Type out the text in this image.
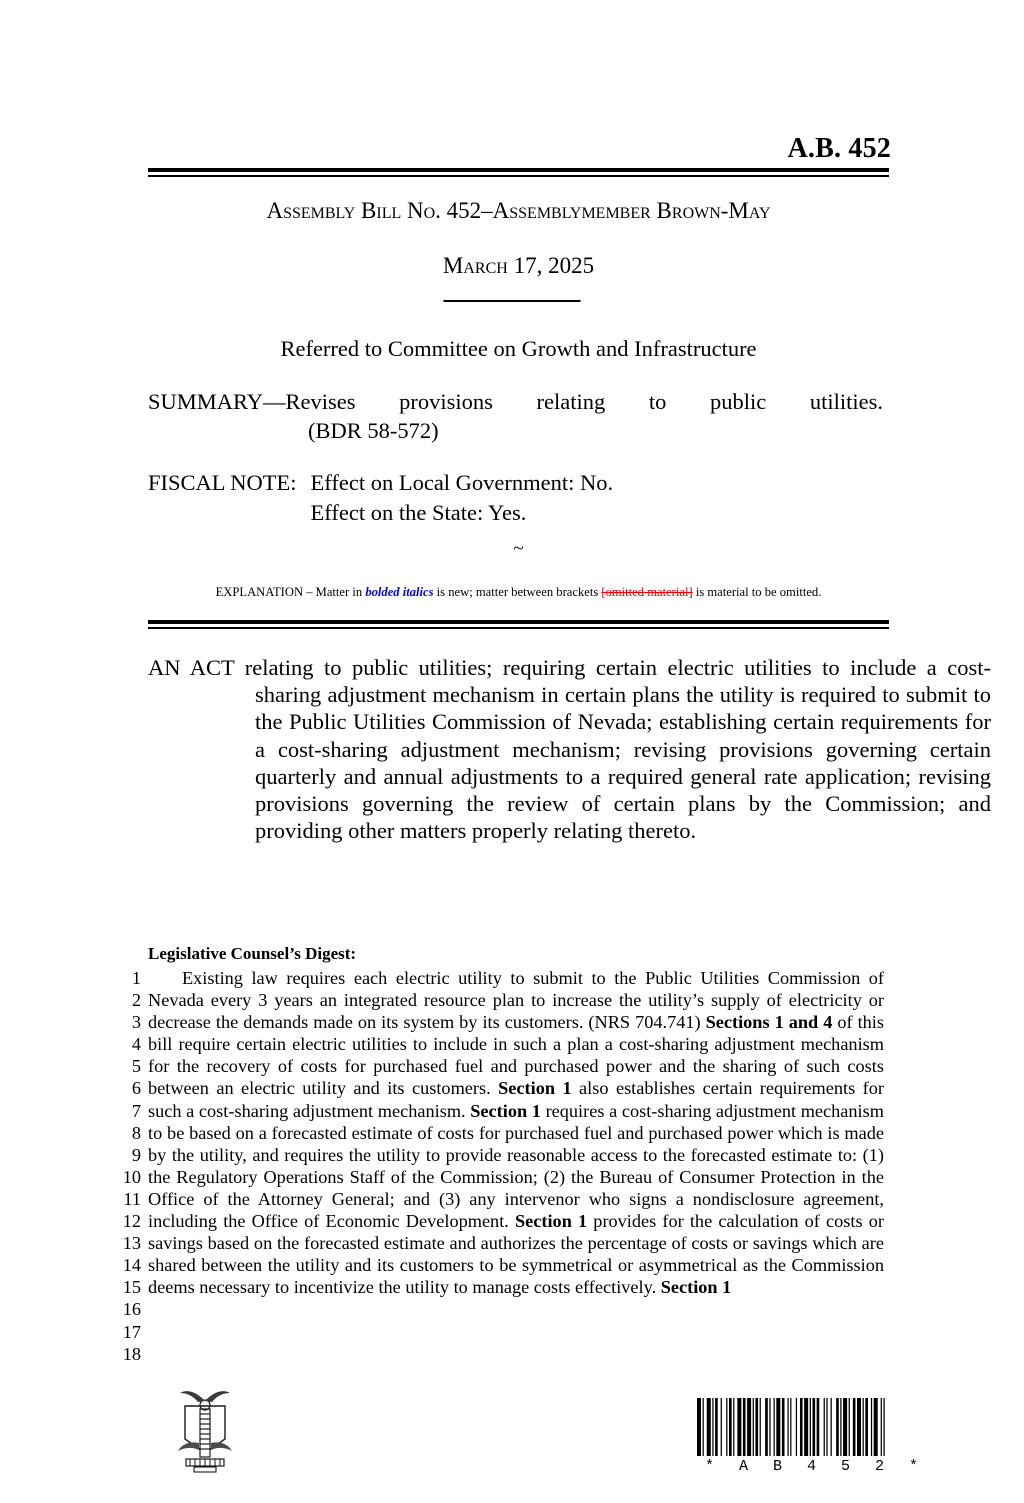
A.B. 452
Assembly Bill No. 452–Assemblymember Brown-May
March 17, 2025
Referred to Committee on Growth and Infrastructure

SUMMARY—Revises provisions relating to public utilities.

(BDR 58-572)

FISCAL NOTE: Effect on Local Government: No.
Effect on the State: Yes.
~
EXPLANATION – Matter in bolded italics is new; matter between brackets [omitted material] is material to be omitted.
AN ACT relating to public utilities; requiring certain electric utilities to include a cost-sharing adjustment mechanism in certain plans the utility is required to submit to the Public Utilities Commission of Nevada; establishing certain requirements for a cost-sharing adjustment mechanism; revising provisions governing certain quarterly and annual adjustments to a required general rate application; revising provisions governing the review of certain plans by the Commission; and providing other matters properly relating thereto.
Legislative Counsel’s Digest:
1
2
3
4
5
6
7
8
9
10
11
12
13
14
15
16
17
18
Existing law requires each electric utility to submit to the Public Utilities Commission of Nevada every 3 years an integrated resource plan to increase the utility’s supply of electricity or decrease the demands made on its system by its customers. (NRS 704.741) Sections 1 and 4 of this bill require certain electric utilities to include in such a plan a cost-sharing adjustment mechanism for the recovery of costs for purchased fuel and purchased power and the sharing of such costs between an electric utility and its customers. Section 1 also establishes certain requirements for such a cost-sharing adjustment mechanism. Section 1 requires a cost-sharing adjustment mechanism to be based on a forecasted estimate of costs for purchased fuel and purchased power which is made by the utility, and requires the utility to provide reasonable access to the forecasted estimate to: (1) the Regulatory Operations Staff of the Commission; (2) the Bureau of Consumer Protection in the Office of the Attorney General; and (3) any intervenor who signs a nondisclosure agreement, including the Office of Economic Development. Section 1 provides for the calculation of costs or savings based on the forecasted estimate and authorizes the percentage of costs or savings which are shared between the utility and its customers to be symmetrical or asymmetrical as the Commission deems necessary to incentivize the utility to manage costs effectively. Section 1
* A B 4 5 2 *
